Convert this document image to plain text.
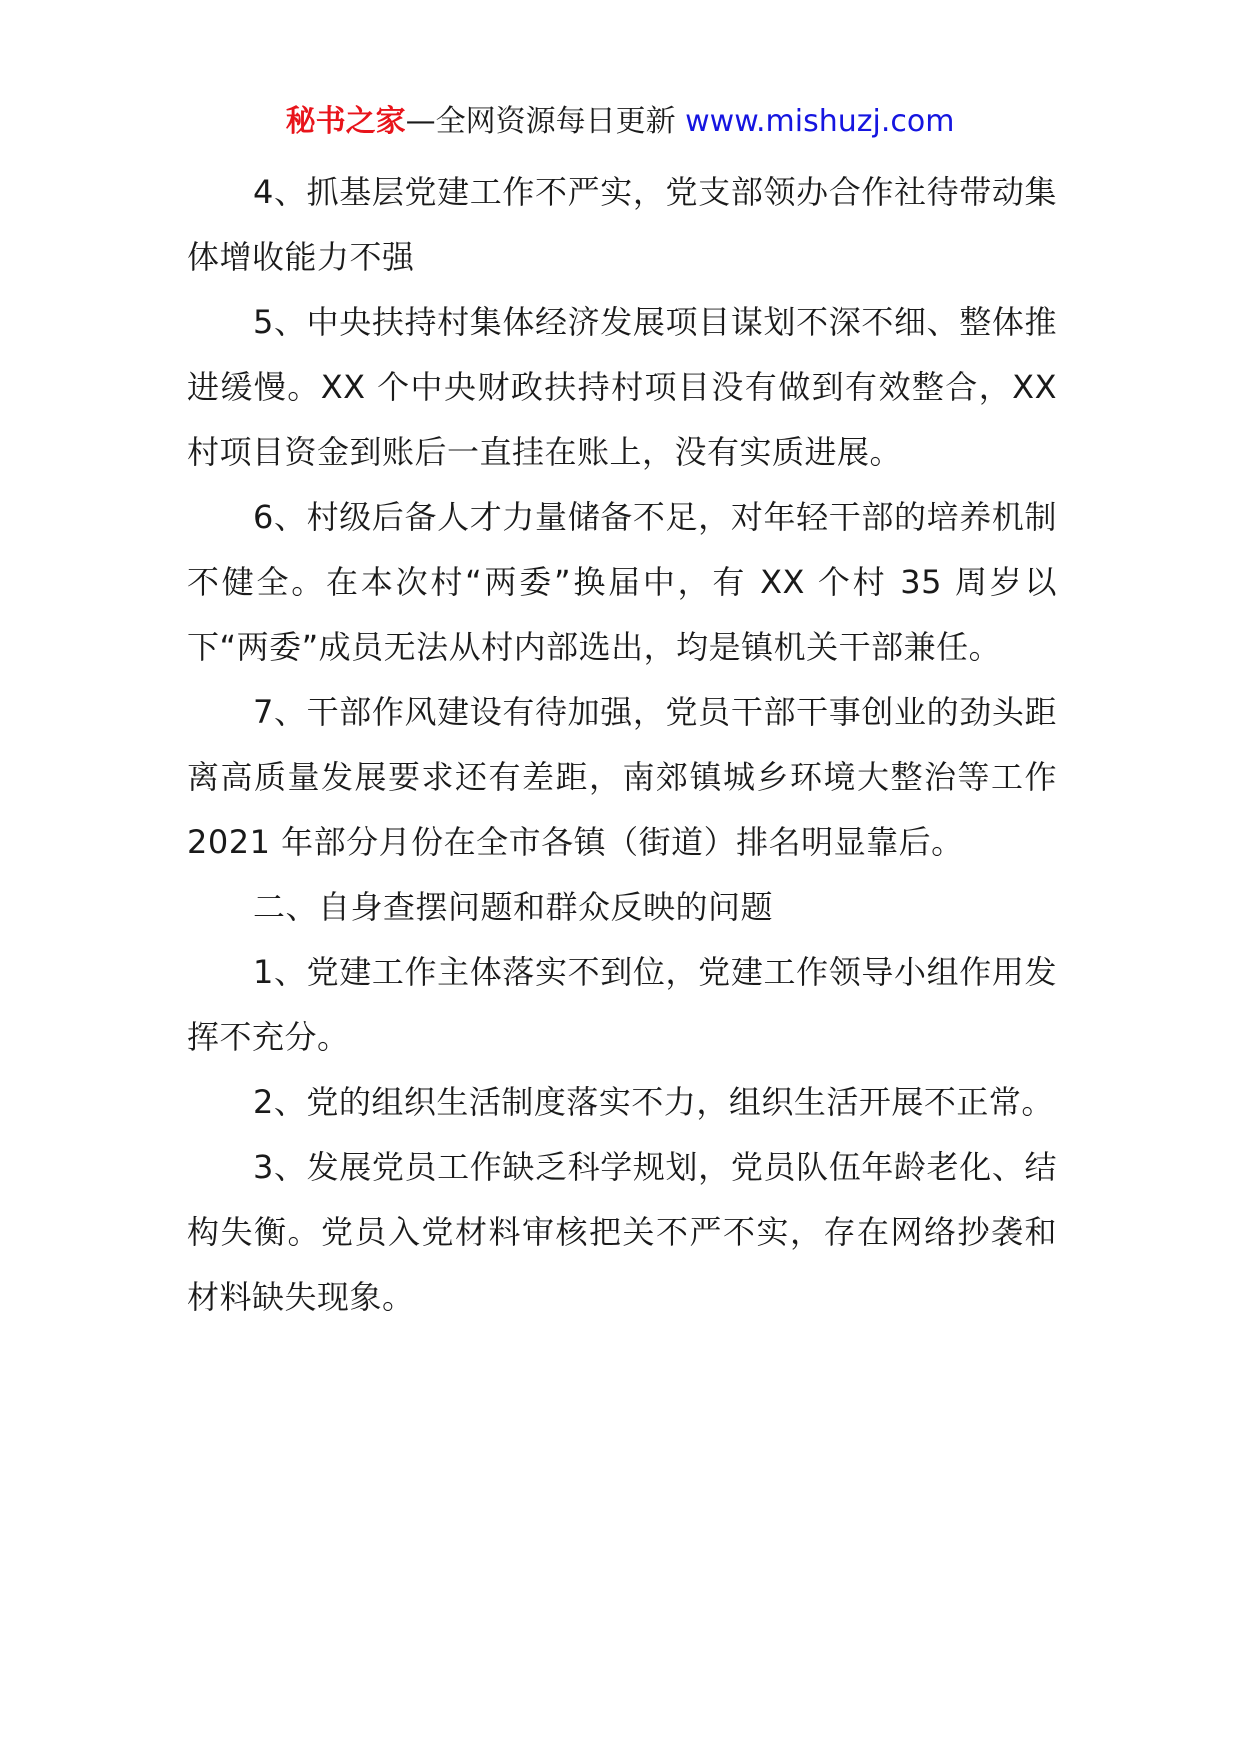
秘书之家—全网资源每日更新 www.mishuzj.com

4、抓基层党建工作不严实，党支部领办合作社待带动集体增收能力不强

5、中央扶持村集体经济发展项目谋划不深不细、整体推进缓慢。XX 个中央财政扶持村项目没有做到有效整合，XX 村项目资金到账后一直挂在账上，没有实质进展。

6、村级后备人才力量储备不足，对年轻干部的培养机制不健全。在本次村“两委”换届中，有 XX 个村 35 周岁以下“两委”成员无法从村内部选出，均是镇机关干部兼任。

7、干部作风建设有待加强，党员干部干事创业的劲头距离高质量发展要求还有差距，南郊镇城乡环境大整治等工作 2021 年部分月份在全市各镇（街道）排名明显靠后。

二、自身查摆问题和群众反映的问题

1、党建工作主体落实不到位，党建工作领导小组作用发挥不充分。

2、党的组织生活制度落实不力，组织生活开展不正常。

3、发展党员工作缺乏科学规划，党员队伍年龄老化、结构失衡。党员入党材料审核把关不严不实，存在网络抄袭和材料缺失现象。
